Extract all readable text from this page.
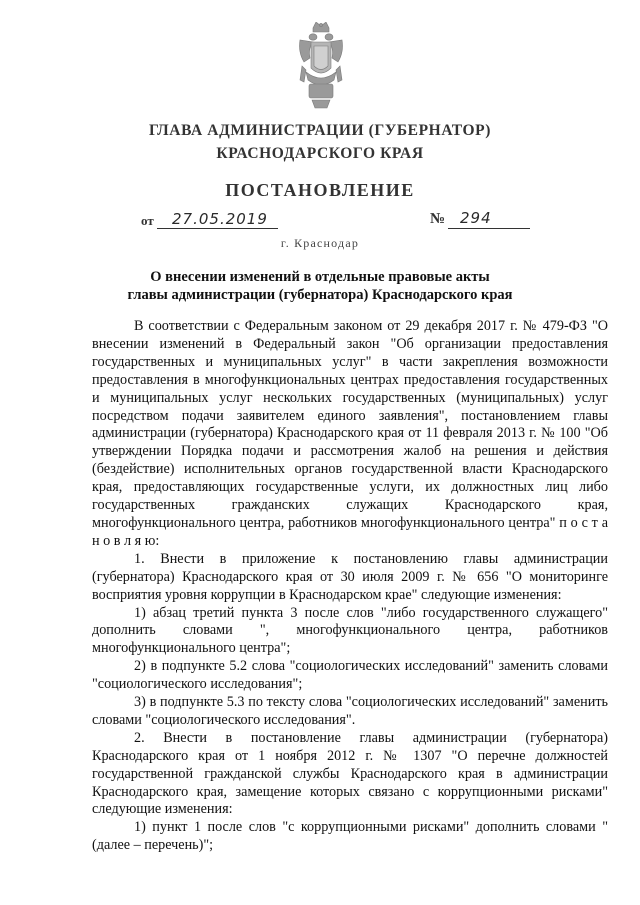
ГЛАВА АДМИНИСТРАЦИИ (ГУБЕРНАТОР)
КРАСНОДАРСКОГО КРАЯ
ПОСТАНОВЛЕНИЕ
от 27.05.2019	№ 294
г. Краснодар
О внесении изменений в отдельные правовые акты
главы администрации (губернатора) Краснодарского края

В соответствии с Федеральным законом от 29 декабря 2017 г. № 479-ФЗ "О внесении изменений в Федеральный закон "Об организации предоставления государственных и муниципальных услуг" в части закрепления возможности предоставления в многофункциональных центрах предоставления государственных и муниципальных услуг нескольких государственных (муниципальных) услуг посредством подачи заявителем единого заявления", постановлением главы администрации (губернатора) Краснодарского края от 11 февраля 2013 г. № 100 "Об утверждении Порядка подачи и рассмотрения жалоб на решения и действия (бездействие) исполнительных органов государственной власти Краснодарского края, предоставляющих государственные услуги, их должностных лиц либо государственных гражданских служащих Краснодарского края, многофункционального центра, работников многофункционального центра" п о с т а н о в л я ю:

1. Внести в приложение к постановлению главы администрации (губернатора) Краснодарского края от 30 июля 2009 г. № 656 "О мониторинге восприятия уровня коррупции в Краснодарском крае" следующие изменения:

1) абзац третий пункта 3 после слов "либо государственного служащего" дополнить словами ", многофункционального центра, работников многофункционального центра";

2) в подпункте 5.2 слова "социологических исследований" заменить словами "социологического исследования";

3) в подпункте 5.3 по тексту слова "социологических исследований" заменить словами "социологического исследования".

2. Внести в постановление главы администрации (губернатора) Краснодарского края от 1 ноября 2012 г. № 1307 "О перечне должностей государственной гражданской службы Краснодарского края в администрации Краснодарского края, замещение которых связано с коррупционными рисками" следующие изменения:

1) пункт 1 после слов "с коррупционными рисками" дополнить словами "(далее – перечень)";
